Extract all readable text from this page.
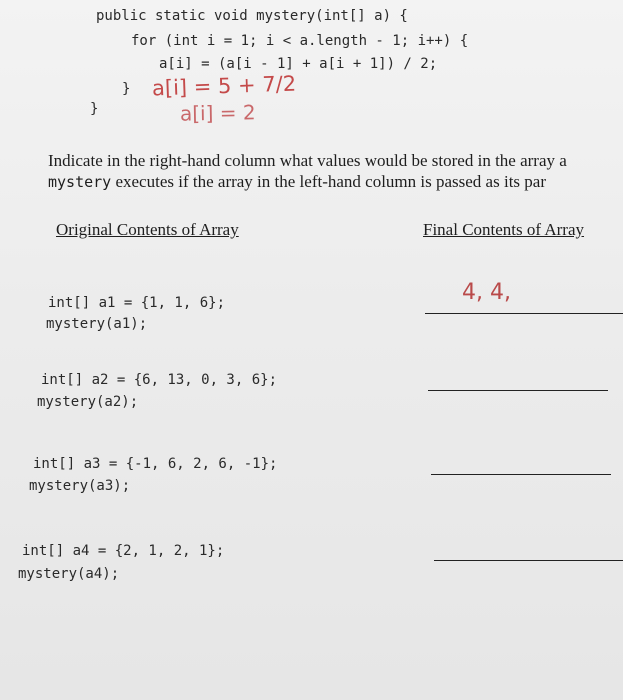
public static void mystery(int[] a) {
for (int i = 1; i < a.length - 1; i++) {
a[i] = (a[i - 1] + a[i + 1]) / 2;
}
}
a[i] = 5 + 7/2
a[i] = 2
Indicate in the right-hand column what values would be stored in the array a
mystery executes if the array in the left-hand column is passed as its par
Original Contents of Array	Final Contents of Array
int[] a1 = {1, 1, 6};
mystery(a1);
4, 4,
int[] a2 = {6, 13, 0, 3, 6};
mystery(a2);
int[] a3 = {-1, 6, 2, 6, -1};
mystery(a3);
int[] a4 = {2, 1, 2, 1};
mystery(a4);
